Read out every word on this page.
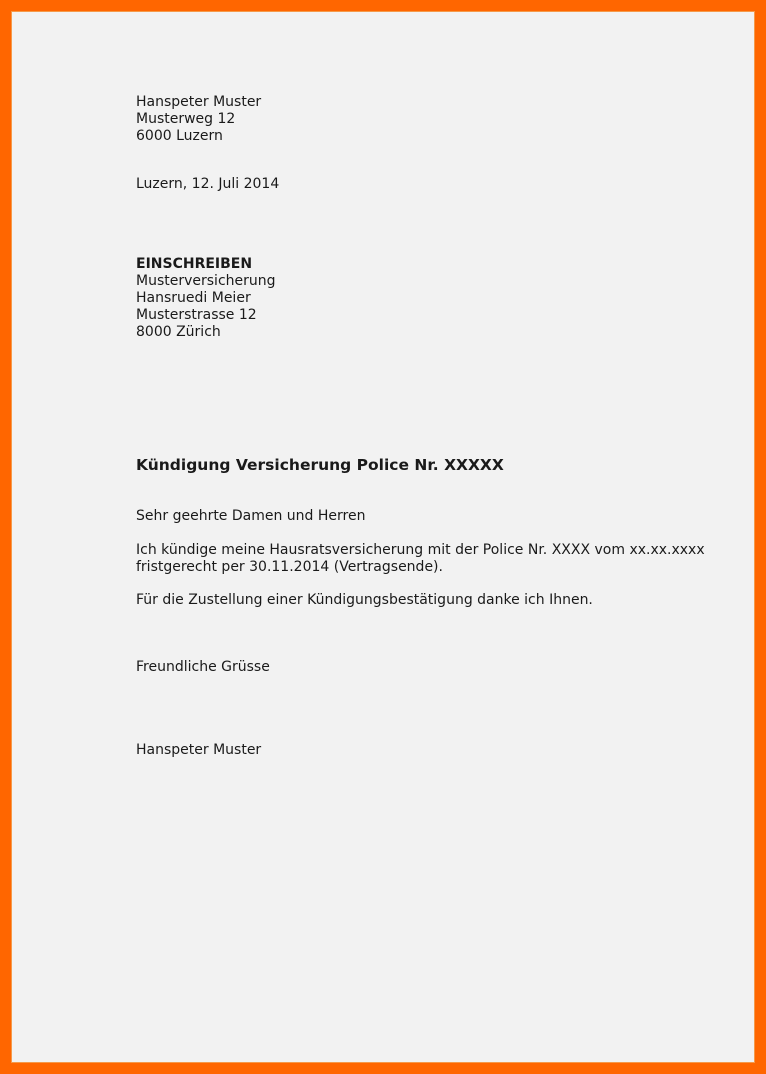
Hanspeter Muster
Musterweg 12
6000 Luzern
Luzern, 12. Juli 2014
EINSCHREIBEN
Musterversicherung
Hansruedi Meier
Musterstrasse 12
8000 Zürich
Kündigung Versicherung Police Nr. XXXXX
Sehr geehrte Damen und Herren
Ich kündige meine Hausratsversicherung mit der Police Nr. XXXX vom xx.xx.xxxx
fristgerecht per 30.11.2014 (Vertragsende).
Für die Zustellung einer Kündigungsbestätigung danke ich Ihnen.
Freundliche Grüsse
Hanspeter Muster
